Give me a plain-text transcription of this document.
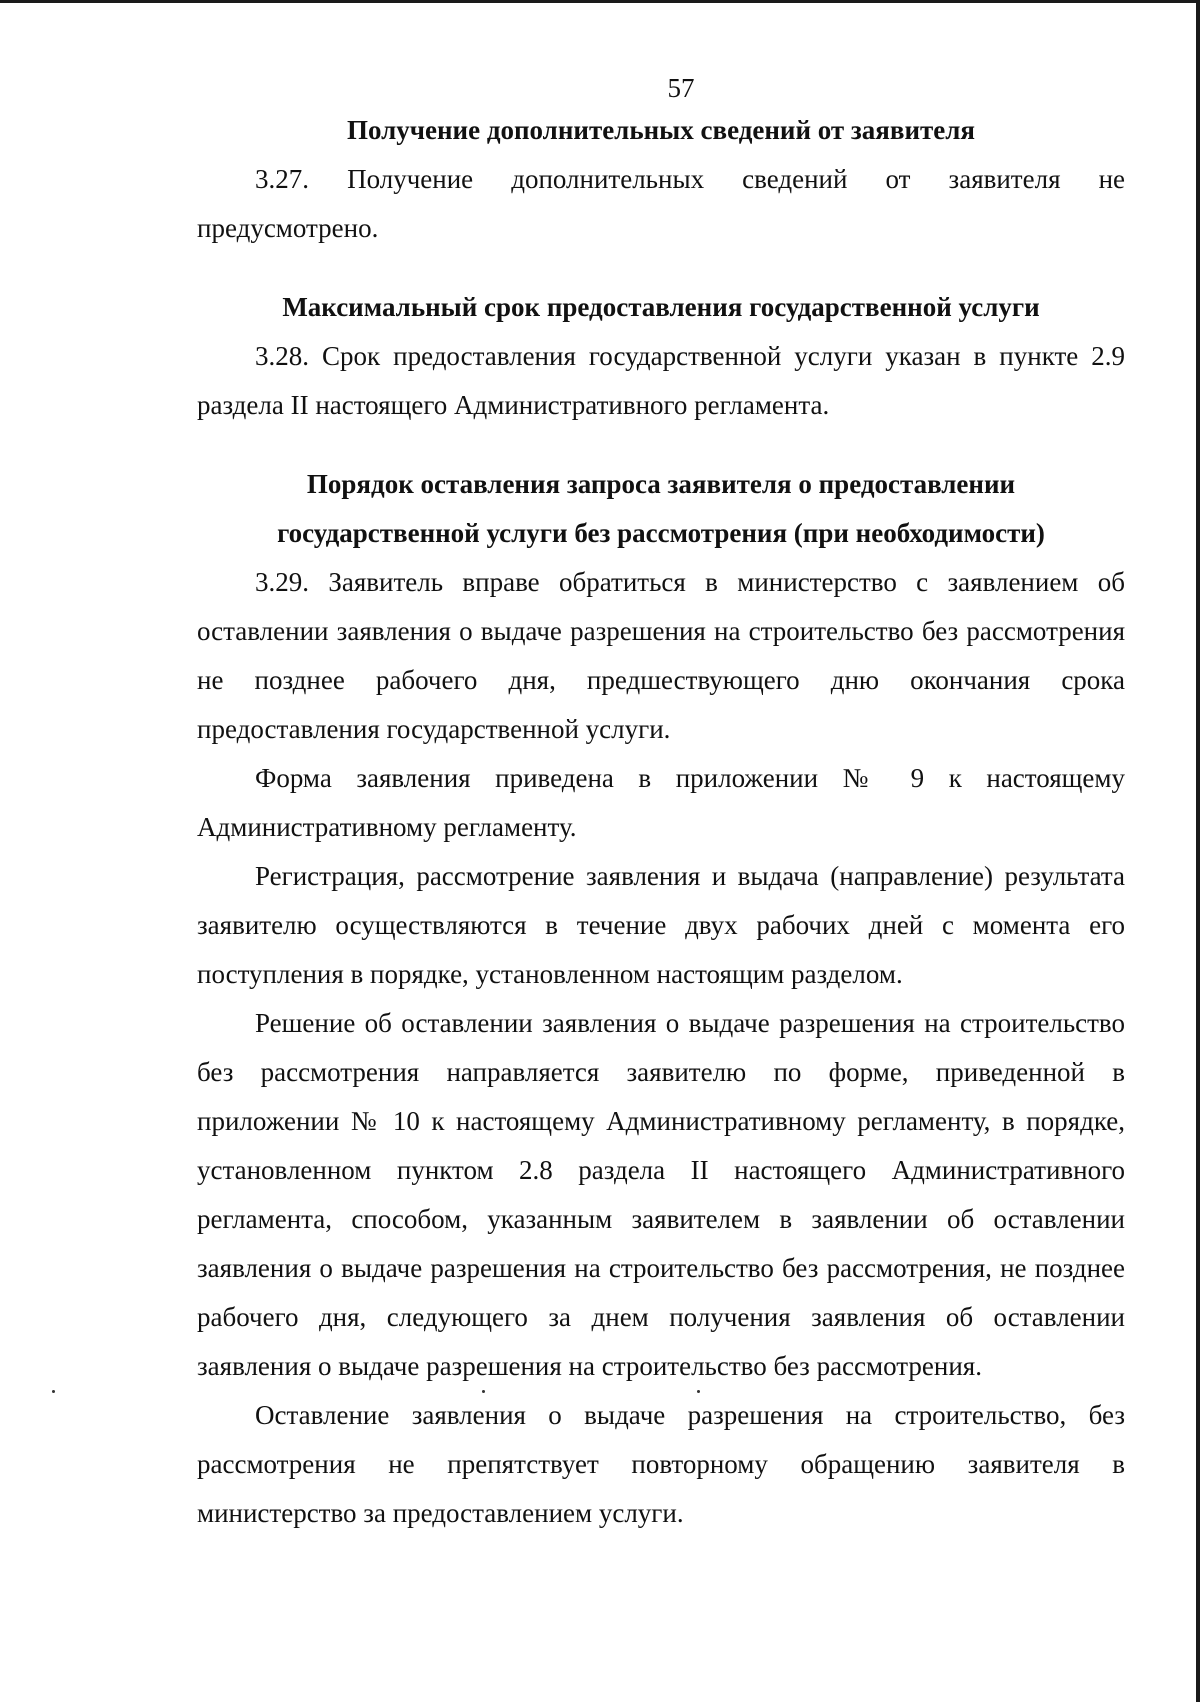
57

Получение дополнительных сведений от заявителя

3.27. Получение дополнительных сведений от заявителя не предусмотрено.

Максимальный срок предоставления государственной услуги

3.28. Срок предоставления государственной услуги указан в пункте 2.9 раздела II настоящего Административного регламента.

Порядок оставления запроса заявителя о предоставлении

государственной услуги без рассмотрения (при необходимости)

3.29. Заявитель вправе обратиться в министерство с заявлением об оставлении заявления о выдаче разрешения на строительство без рассмотрения не позднее рабочего дня, предшествующего дню окончания срока предоставления государственной услуги.

Форма заявления приведена в приложении № 9 к настоящему Административному регламенту.

Регистрация, рассмотрение заявления и выдача (направление) результата заявителю осуществляются в течение двух рабочих дней с момента его поступления в порядке, установленном настоящим разделом.

Решение об оставлении заявления о выдаче разрешения на строительство без рассмотрения направляется заявителю по форме, приведенной в приложении № 10 к настоящему Административному регламенту, в порядке, установленном пунктом 2.8 раздела II настоящего Административного регламента, способом, указанным заявителем в заявлении об оставлении заявления о выдаче разрешения на строительство без рассмотрения, не позднее рабочего дня, следующего за днем получения заявления об оставлении заявления о выдаче разрешения на строительство без рассмотрения.

Оставление заявления о выдаче разрешения на строительство, без рассмотрения не препятствует повторному обращению заявителя в министерство за предоставлением услуги.
